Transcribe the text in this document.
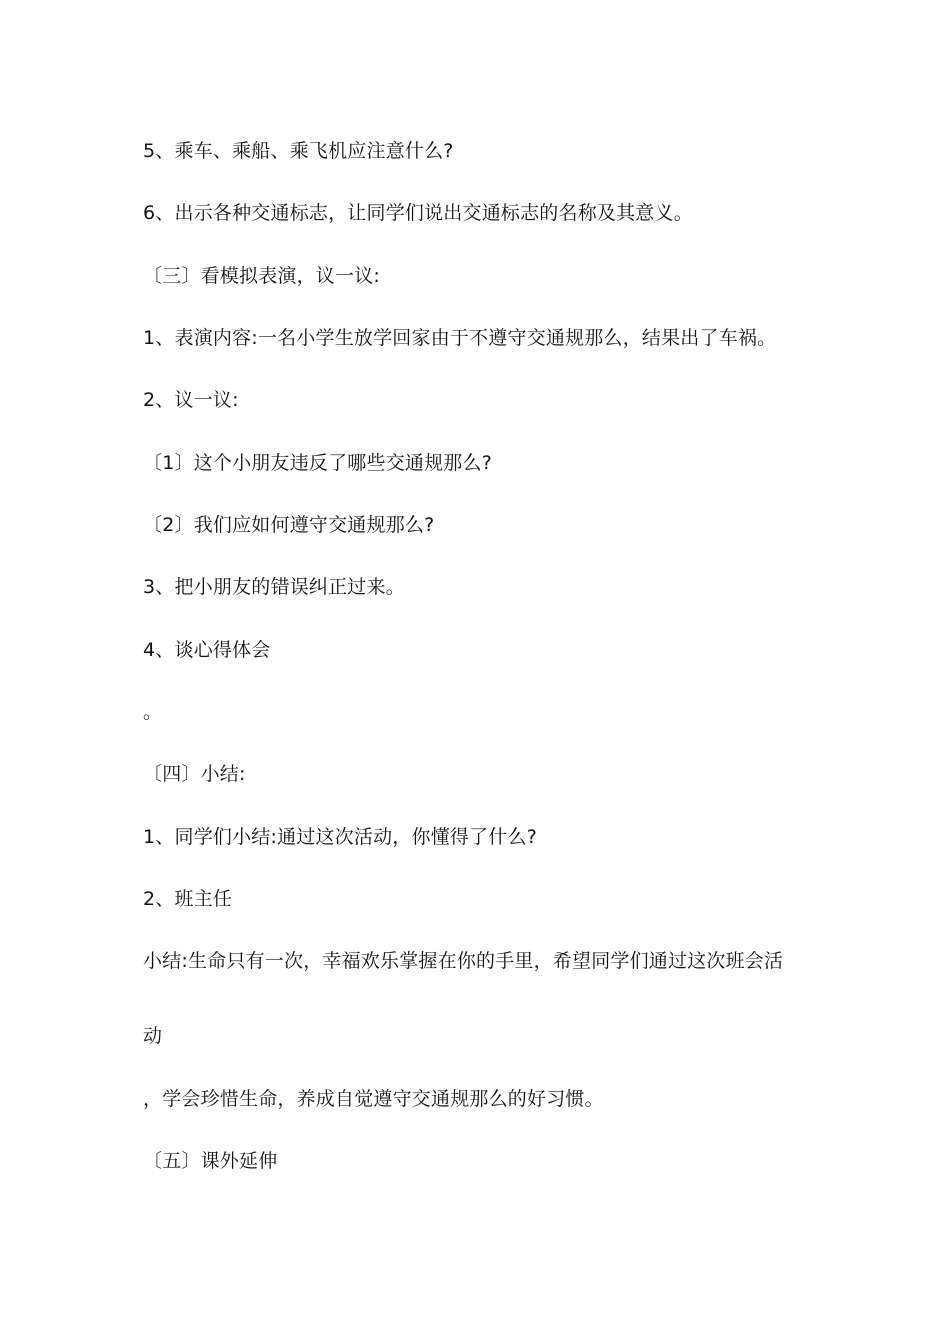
5、乘车、乘船、乘飞机应注意什么?
6、出示各种交通标志，让同学们说出交通标志的名称及其意义。
〔三〕看模拟表演，议一议:
1、表演内容:一名小学生放学回家由于不遵守交通规那么，结果出了车祸。
2、议一议:
〔1〕这个小朋友违反了哪些交通规那么?
〔2〕我们应如何遵守交通规那么?
3、把小朋友的错误纠正过来。
4、谈心得体会
。
〔四〕小结:
1、同学们小结:通过这次活动，你懂得了什么?
2、班主任
小结:生命只有一次，幸福欢乐掌握在你的手里，希望同学们通过这次班会活
动
，学会珍惜生命，养成自觉遵守交通规那么的好习惯。
〔五〕课外延伸
